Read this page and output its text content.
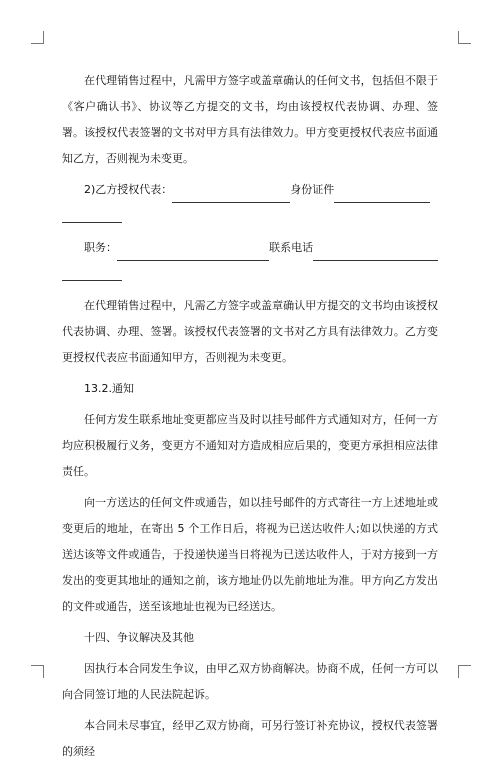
在代理销售过程中，凡需甲方签字或盖章确认的任何文书，包括但不限于《客户确认书》、协议等乙方提交的文书，均由该授权代表协调、办理、签署。该授权代表签署的文书对甲方具有法律效力。甲方变更授权代表应书面通知乙方，否则视为未变更。

2)乙方授权代表：	身份证件
职务：	联系电话

在代理销售过程中，凡需乙方签字或盖章确认甲方提交的文书均由该授权代表协调、办理、签署。该授权代表签署的文书对乙方具有法律效力。乙方变更授权代表应书面通知甲方，否则视为未变更。

13.2.通知

任何方发生联系地址变更都应当及时以挂号邮件方式通知对方，任何一方均应积极履行义务，变更方不通知对方造成相应后果的，变更方承担相应法律责任。

向一方送达的任何文件或通告，如以挂号邮件的方式寄往一方上述地址或变更后的地址，在寄出 5 个工作日后，将视为已送达收件人;如以快递的方式送达该等文件或通告，于投递快递当日将视为已送达收件人，于对方接到一方发出的变更其地址的通知之前，该方地址仍以先前地址为准。甲方向乙方发出的文件或通告，送至该地址也视为已经送达。

十四、争议解决及其他

因执行本合同发生争议，由甲乙双方协商解决。协商不成，任何一方可以向合同签订地的人民法院起诉。

本合同未尽事宜，经甲乙双方协商，可另行签订补充协议，授权代表签署的须经
